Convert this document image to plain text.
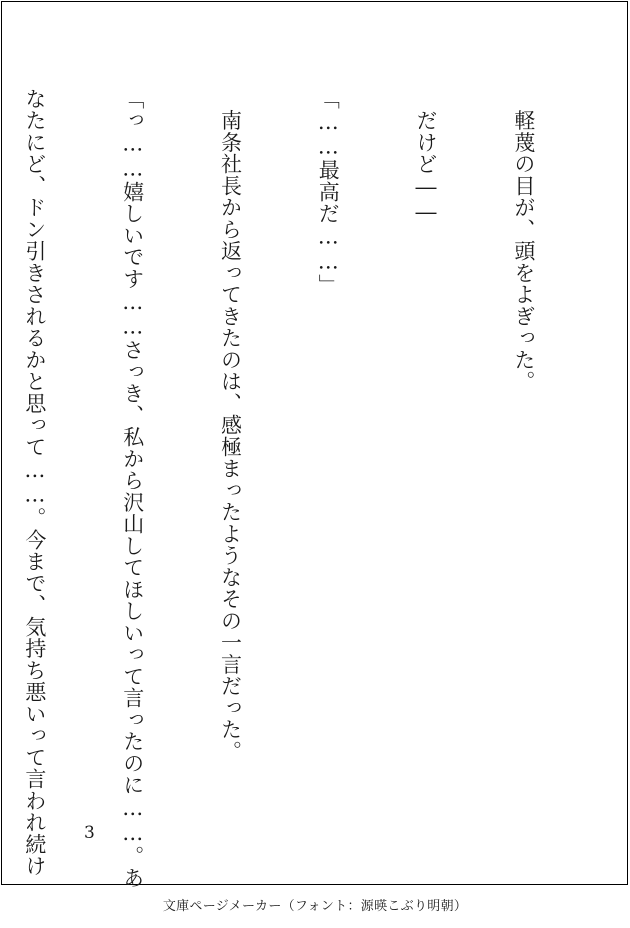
　軽蔑の目が、頭をよぎった。

　だけど――

「……最高だ……」

　南条社長から返ってきたのは、感極まったようなその一言だった。

「っ……嬉しいです……さっき、私から沢山してほしいって言ったのに……。あ

なたにど、ドン引きされるかと思って……。今まで、気持ち悪いって言われ続け

3
文庫ページメーカー（フォント：源暎こぶり明朝）
